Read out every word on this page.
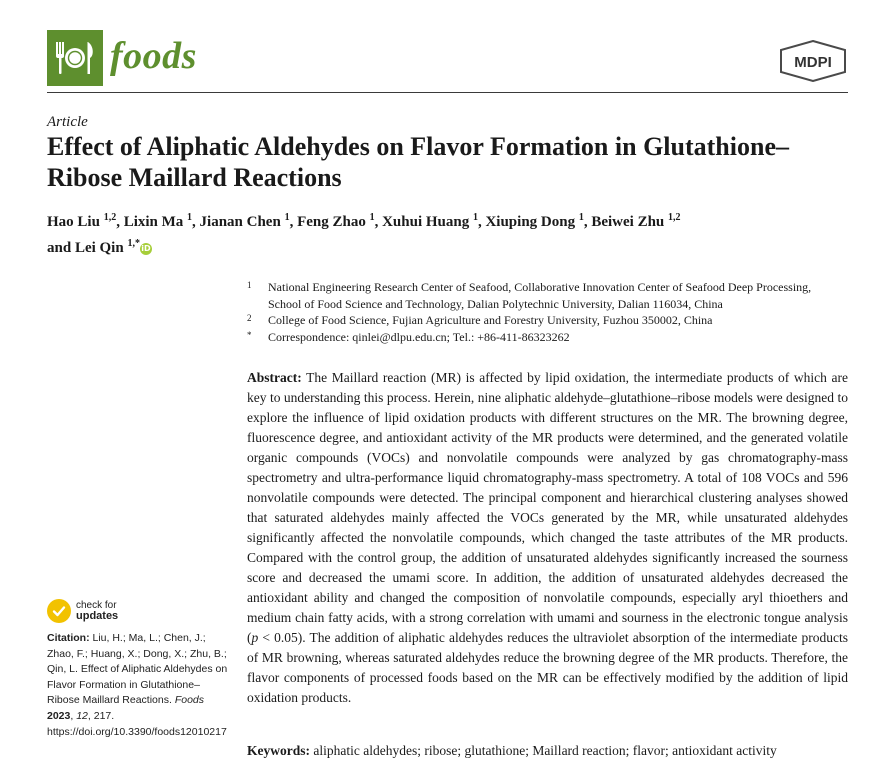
foods	MDPI
Article
Effect of Aliphatic Aldehydes on Flavor Formation in Glutathione–Ribose Maillard Reactions
Hao Liu $^{1,2}$, Lixin Ma $^1$, Jianan Chen $^1$, Feng Zhao $^1$, Xuhui Huang $^1$, Xiuping Dong $^1$, Beiwei Zhu $^{1,2}$
and Lei Qin $^{1,*}$iD
1 National Engineering Research Center of Seafood, Collaborative Innovation Center of Seafood Deep Processing, School of Food Science and Technology, Dalian Polytechnic University, Dalian 116034, China
2 College of Food Science, Fujian Agriculture and Forestry University, Fuzhou 350002, China
* Correspondence: qinlei@dlpu.edu.cn; Tel.: +86-411-86323262
Abstract: The Maillard reaction (MR) is affected by lipid oxidation, the intermediate products of which are key to understanding this process. Herein, nine aliphatic aldehyde–glutathione–ribose models were designed to explore the influence of lipid oxidation products with different structures on the MR. The browning degree, fluorescence degree, and antioxidant activity of the MR products were determined, and the generated volatile organic compounds (VOCs) and nonvolatile compounds were analyzed by gas chromatography-mass spectrometry and ultra-performance liquid chromatography-mass spectrometry. A total of 108 VOCs and 596 nonvolatile compounds were detected. The principal component and hierarchical clustering analyses showed that saturated aldehydes mainly affected the VOCs generated by the MR, while unsaturated aldehydes significantly affected the nonvolatile compounds, which changed the taste attributes of the MR products. Compared with the control group, the addition of unsaturated aldehydes significantly increased the sourness score and decreased the umami score. In addition, the addition of unsaturated aldehydes decreased the antioxidant ability and changed the composition of nonvolatile compounds, especially aryl thioethers and medium chain fatty acids, with a strong correlation with umami and sourness in the electronic tongue analysis (p < 0.05). The addition of aliphatic aldehydes reduces the ultraviolet absorption of the intermediate products of MR browning, whereas saturated aldehydes reduce the browning degree of the MR products. Therefore, the flavor components of processed foods based on the MR can be effectively modified by the addition of lipid oxidation products.
Keywords: aliphatic aldehydes; ribose; glutathione; Maillard reaction; flavor; antioxidant activity
check for
updates
Citation: Liu, H.; Ma, L.; Chen, J.; Zhao, F.; Huang, X.; Dong, X.; Zhu, B.; Qin, L. Effect of Aliphatic Aldehydes on Flavor Formation in Glutathione–Ribose Maillard Reactions. Foods 2023, 12, 217. https://doi.org/10.3390/foods12010217
